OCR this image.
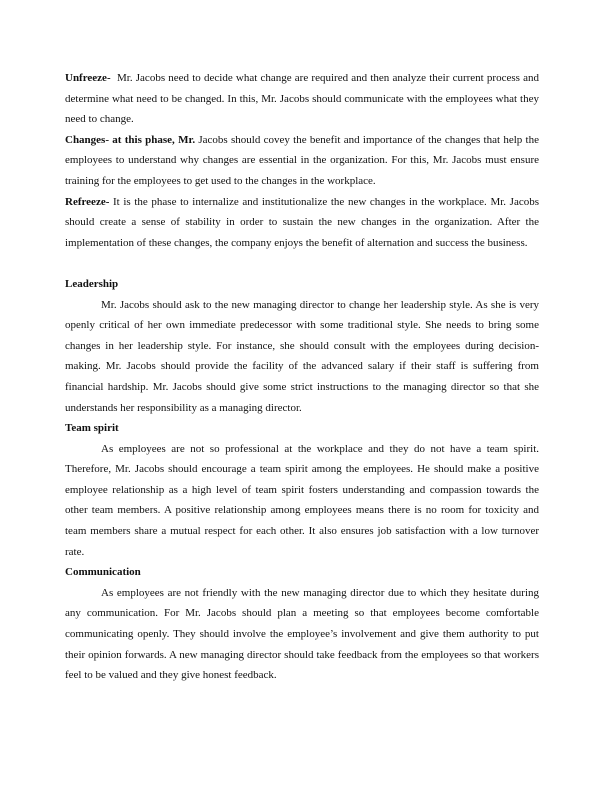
Unfreeze-  Mr. Jacobs need to decide what change are required and then analyze their current process and determine what need to be changed. In this, Mr. Jacobs should communicate with the employees what they need to change.

Changes- at this phase, Mr. Jacobs should covey the benefit and importance of the changes that help the employees to understand why changes are essential in the organization. For this, Mr. Jacobs must ensure training for the employees to get used to the changes in the workplace.

Refreeze- It is the phase to internalize and institutionalize the new changes in the workplace. Mr. Jacobs should create a sense of stability in order to sustain the new changes in the organization. After the implementation of these changes, the company enjoys the benefit of alternation and success the business.

Leadership

Mr. Jacobs should ask to the new managing director to change her leadership style. As she is very openly critical of her own immediate predecessor with some traditional style. She needs to bring some changes in her leadership style. For instance, she should consult with the employees during decision-making. Mr. Jacobs should provide the facility of the advanced salary if their staff is suffering from financial hardship. Mr. Jacobs should give some strict instructions to the managing director so that she understands her responsibility as a managing director.

Team spirit

As employees are not so professional at the workplace and they do not have a team spirit. Therefore, Mr. Jacobs should encourage a team spirit among the employees. He should make a positive employee relationship as a high level of team spirit fosters understanding and compassion towards the other team members. A positive relationship among employees means there is no room for toxicity and team members share a mutual respect for each other. It also ensures job satisfaction with a low turnover rate.

Communication

As employees are not friendly with the new managing director due to which they hesitate during any communication. For Mr. Jacobs should plan a meeting so that employees become comfortable communicating openly. They should involve the employee’s involvement and give them authority to put their opinion forwards. A new managing director should take feedback from the employees so that workers feel to be valued and they give honest feedback.
